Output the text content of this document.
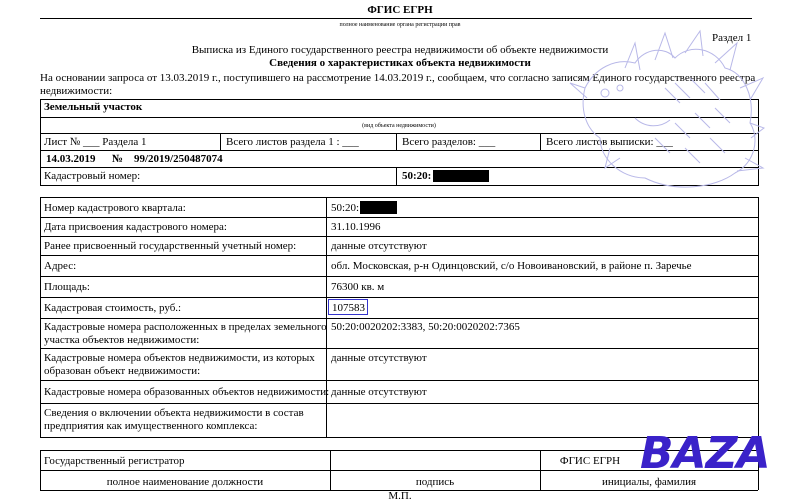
ФГИС ЕГРН
полное наименование органа регистрации прав
Раздел 1
Выписка из Единого государственного реестра недвижимости об объекте недвижимости
Сведения о характеристиках объекта недвижимости
На основании запроса от 13.03.2019 г., поступившего на рассмотрение 14.03.2019 г., сообщаем, что согласно записям Единого государственного реестра
недвижимости:
Земельный участок
(вид объекта недвижимости)
Лист № ___ Раздела 1	Всего листов раздела 1 : ___	Всего разделов: ___	Всего листов выписки: ___
14.03.2019 № 99/2019/250487074
Кадастровый номер:	50:20:
Номер кадастрового квартала:	50:20:
Дата присвоения кадастрового номера:	31.10.1996
Ранее присвоенный государственный учетный номер:	данные отсутствуют
Адрес:	обл. Московская, р-н Одинцовский, с/о Новоивановский, в районе п. Заречье
Площадь:	76300 кв. м
Кадастровая стоимость, руб.:	107583
Кадастровые номера расположенных в пределах земельного
участка объектов недвижимости:
50:20:0020202:3383, 50:20:0020202:7365
Кадастровые номера объектов недвижимости, из которых
образован объект недвижимости:
данные отсутствуют
Кадастровые номера образованных объектов недвижимости: данные отсутствуют
Сведения о включении объекта недвижимости в состав
предприятия как имущественного комплекса:
Государственный регистратор	ФГИС ЕГРН
полное наименование должности	подпись	инициалы, фамилия
М.П.
BAZA
